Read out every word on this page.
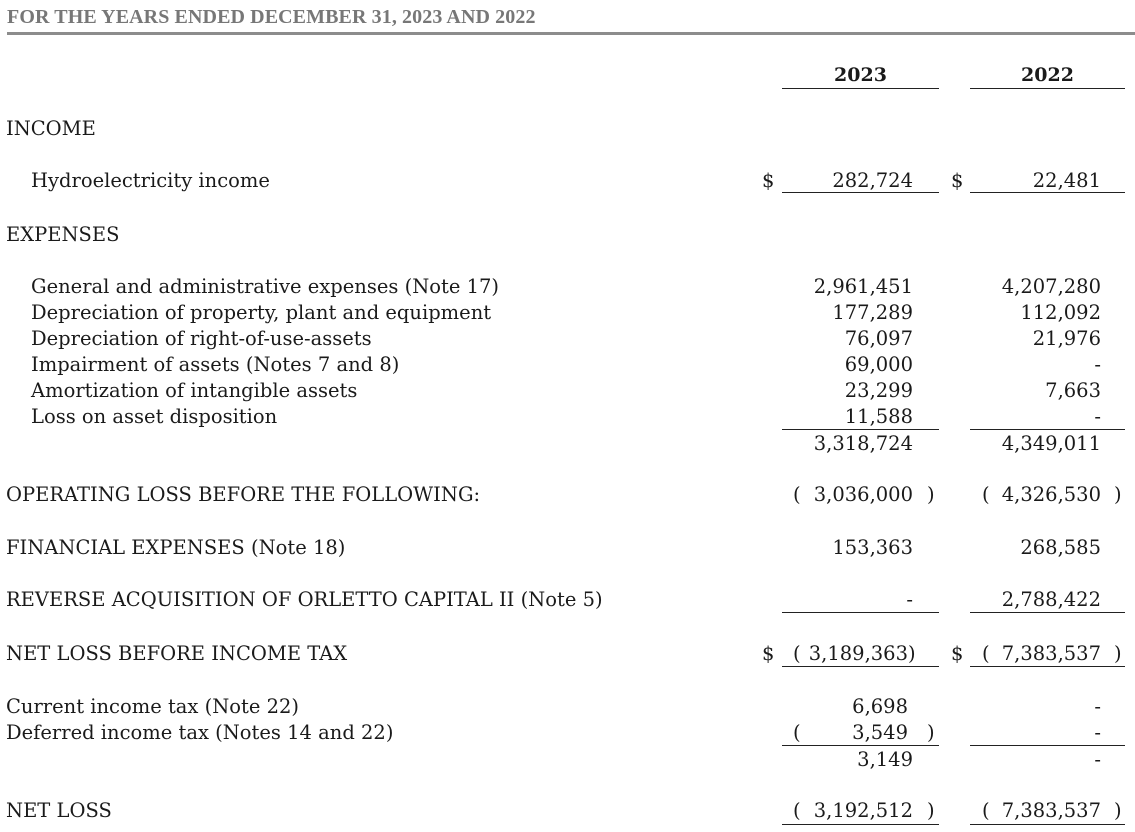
FOR THE YEARS ENDED DECEMBER 31, 2023 AND 2022
2023	2022
INCOME
Hydroelectricity income	$	282,724 $	22,481
EXPENSES
General and administrative expenses (Note 17)	2,961,451	4,207,280
Depreciation of property, plant and equipment	177,289	112,092
Depreciation of right-of-use-assets	76,097	21,976
Impairment of assets (Notes 7 and 8)	69,000	-
Amortization of intangible assets	23,299	7,663
Loss on asset disposition	11,588	-
3,318,724	4,349,011
OPERATING LOSS BEFORE THE FOLLOWING:	( 3,036,000 ) ( 4,326,530 )
FINANCIAL EXPENSES (Note 18)	153,363	268,585
REVERSE ACQUISITION OF ORLETTO CAPITAL II (Note 5)	-	2,788,422
NET LOSS BEFORE INCOME TAX	$ ( 3,189,363 ) $ ( 7,383,537 )
Current income tax (Note 22)	6,698	-
Deferred income tax (Notes 14 and 22)	(	3,549 )	-
3,149	-
NET LOSS	( 3,192,512 ) ( 7,383,537 )
